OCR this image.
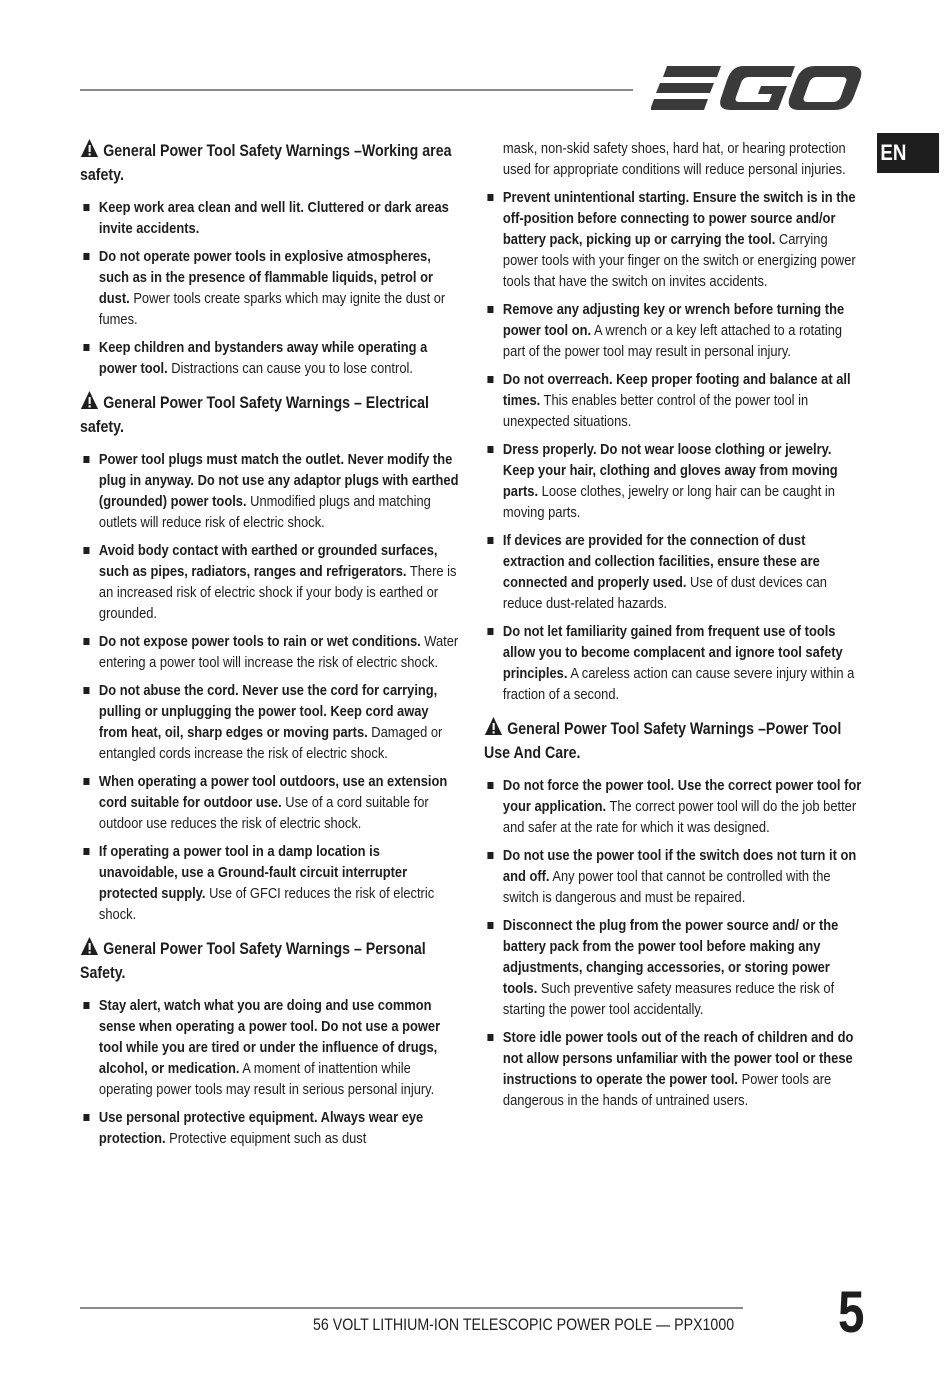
EN
General Power Tool Safety Warnings –Working area safety.
Keep work area clean and well lit. Cluttered or dark areas invite accidents.
Do not operate power tools in explosive atmospheres, such as in the presence of flammable liquids, petrol or dust. Power tools create sparks which may ignite the dust or fumes.
Keep children and bystanders away while operating a power tool. Distractions can cause you to lose control.
General Power Tool Safety Warnings – Electrical safety.
Power tool plugs must match the outlet. Never modify the plug in anyway. Do not use any adaptor plugs with earthed (grounded) power tools. Unmodified plugs and matching outlets will reduce risk of electric shock.
Avoid body contact with earthed or grounded surfaces, such as pipes, radiators, ranges and refrigerators. There is an increased risk of electric shock if your body is earthed or grounded.
Do not expose power tools to rain or wet conditions. Water entering a power tool will increase the risk of electric shock.
Do not abuse the cord. Never use the cord for carrying, pulling or unplugging the power tool. Keep cord away from heat, oil, sharp edges or moving parts. Damaged or entangled cords increase the risk of electric shock.
When operating a power tool outdoors, use an extension cord suitable for outdoor use. Use of a cord suitable for outdoor use reduces the risk of electric shock.
If operating a power tool in a damp location is unavoidable, use a Ground-fault circuit interrupter protected supply. Use of GFCI reduces the risk of electric shock.
General Power Tool Safety Warnings – Personal Safety.
Stay alert, watch what you are doing and use common sense when operating a power tool. Do not use a power tool while you are tired or under the influence of drugs, alcohol, or medication. A moment of inattention while operating power tools may result in serious personal injury.
Use personal protective equipment. Always wear eye protection. Protective equipment such as dust
mask, non-skid safety shoes, hard hat, or hearing protection used for appropriate conditions will reduce personal injuries.
Prevent unintentional starting. Ensure the switch is in the off-position before connecting to power source and/or battery pack, picking up or carrying the tool. Carrying power tools with your finger on the switch or energizing power tools that have the switch on invites accidents.
Remove any adjusting key or wrench before turning the power tool on. A wrench or a key left attached to a rotating part of the power tool may result in personal injury.
Do not overreach. Keep proper footing and balance at all times. This enables better control of the power tool in unexpected situations.
Dress properly. Do not wear loose clothing or jewelry. Keep your hair, clothing and gloves away from moving parts. Loose clothes, jewelry or long hair can be caught in moving parts.
If devices are provided for the connection of dust extraction and collection facilities, ensure these are connected and properly used. Use of dust devices can reduce dust-related hazards.
Do not let familiarity gained from frequent use of tools allow you to become complacent and ignore tool safety principles. A careless action can cause severe injury within a fraction of a second.
General Power Tool Safety Warnings –Power Tool Use And Care.
Do not force the power tool. Use the correct power tool for your application. The correct power tool will do the job better and safer at the rate for which it was designed.
Do not use the power tool if the switch does not turn it on and off. Any power tool that cannot be controlled with the switch is dangerous and must be repaired.
Disconnect the plug from the power source and/ or the battery pack from the power tool before making any adjustments, changing accessories, or storing power tools. Such preventive safety measures reduce the risk of starting the power tool accidentally.
Store idle power tools out of the reach of children and do not allow persons unfamiliar with the power tool or these instructions to operate the power tool. Power tools are dangerous in the hands of untrained users.
56 VOLT LITHIUM-ION TELESCOPIC POWER POLE — PPX1000 5
